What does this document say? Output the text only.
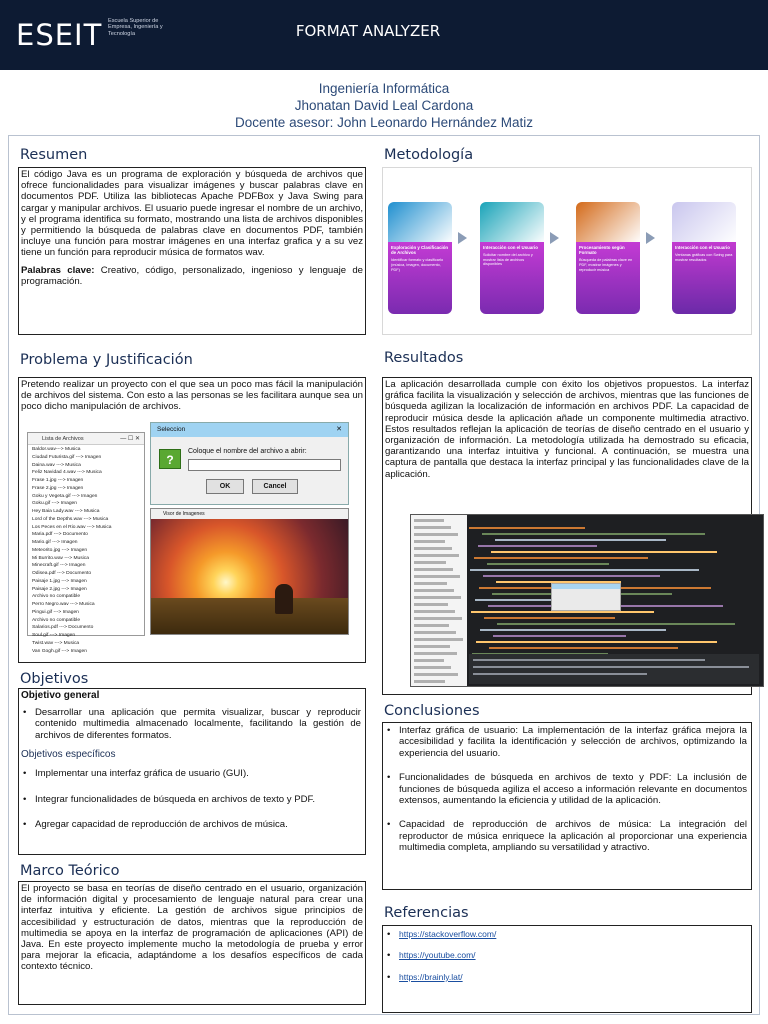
ESEIT Escuela Superior de Empresa, Ingeniería y Tecnología	FORMAT ANALYZER
Ingeniería Informática
Jhonatan David Leal Cardona
Docente asesor: John Leonardo Hernández Matiz
Resumen

El código Java es un programa de exploración y búsqueda de archivos que ofrece funcionalidades para visualizar imágenes y buscar palabras clave en documentos PDF. Utiliza las bibliotecas Apache PDFBox y Java Swing para cargar y manipular archivos. El usuario puede ingresar el nombre de un archivo, y el programa identifica su formato, mostrando una lista de archivos disponibles y permitiendo la búsqueda de palabras clave en documentos PDF, también incluye una función para mostrar imágenes en una interfaz grafica y a su vez tiene un función para reproducir música de formatos wav.

Palabras clave: Creativo, código, personalizado, ingenioso y lenguaje de programación.

Problema y Justificación

Pretendo realizar un proyecto con el que sea un poco mas fácil la manipulación de archivos del sistema. Con esto a las personas se les facilitara aunque sea un poco dicho manipulación de archivos.

Lista de Archivos	— ☐ ✕
Baldor.wav---> Musica
Ciudad Futurista.gif ---> Imagen
Daina.wav ---> Musica
Feliz Navidad 4.wav ---> Musica
Frase 1.jpg ---> Imagen
Frase 2.jpg ---> Imagen
Goku y Vegeta.gif ---> Imagen
Goku.gif ---> Imagen
Hey Baia Lady.wav ---> Musica
Lord of the Depths.wav ---> Musica
Los Peces en el Rio.wav ---> Musica
Maria.pdf ---> Documento
Mario.gif ---> Imagen
Meteorito.jpg ---> Imagen
Mi Burrito.wav ---> Musica
Minecraft.gif ---> Imagen
Odisea.pdf ---> Documento
Paisaje 1.jpg ---> Imagen
Paisaje 2.jpg ---> Imagen
Archivo no compatible
Perro Negro.wav ---> Musica
Pingui.gif ---> Imagen
Archivo no compatible
Salarios.pdf ---> Documento
Soul.gif ---> Imagen
Twist.wav ---> Musica
Van Gogh.gif ---> Imagen
Seleccion	✕
?
Coloque el nombre del archivo a abrir:
OK	Cancel
Visor de Imagenes
Objetivos
Objetivo general
• Desarrollar una aplicación que permita visualizar, buscar y reproducir contenido multimedia almacenado localmente, facilitando la gestión de archivos de diferentes formatos.
Objetivos específicos
• Implementar una interfaz gráfica de usuario (GUI).
• Integrar funcionalidades de búsqueda en archivos de texto y PDF.
• Agregar capacidad de reproducción de archivos de música.
Marco Teórico

El proyecto se basa en teorías de diseño centrado en el usuario, organización de información digital y procesamiento de lenguaje natural para crear una interfaz intuitiva y eficiente. La gestión de archivos sigue principios de accesibilidad y estructuración de datos, mientras que la reproducción de multimedia se apoya en la interfaz de programación de aplicaciones (API) de Java. En este proyecto implemente mucho la metodología de prueba y error para mejorar la eficacia, adaptándome a los desafíos específicos de cada contexto técnico.

Metodología
Exploración y Clasificación de Archivos
Identificar formato y clasificarlo (música, imagen, documento, PDF)
Interacción con el Usuario
Solicitar nombre del archivo y mostrar lista de archivos disponibles
Procesamiento según Formato
Búsqueda de palabras clave en PDF, mostrar imágenes y reproducir música
Interacción con el Usuario
Ventanas gráficas con Swing para mostrar resultados
Resultados

La aplicación desarrollada cumple con éxito los objetivos propuestos. La interfaz gráfica facilita la visualización y selección de archivos, mientras que las funciones de búsqueda agilizan la localización de información en archivos PDF. La capacidad de reproducir música desde la aplicación añade un componente multimedia atractivo. Estos resultados reflejan la aplicación de teorías de diseño centrado en el usuario y organización de información. La metodología utilizada ha demostrado su eficacia, garantizando una interfaz intuitiva y funcional. A continuación, se muestra una captura de pantalla que destaca la interfaz principal y las funcionalidades clave de la aplicación.

Conclusiones
• Interfaz gráfica de usuario: La implementación de la interfaz gráfica mejora la accesibilidad y facilita la identificación y selección de archivos, optimizando la experiencia del usuario.
• Funcionalidades de búsqueda en archivos de texto y PDF: La inclusión de funciones de búsqueda agiliza el acceso a información relevante en documentos extensos, aumentando la eficiencia y utilidad de la aplicación.
• Capacidad de reproducción de archivos de música: La integración del reproductor de música enriquece la aplicación al proporcionar una experiencia multimedia completa, ampliando su versatilidad y atractivo.
Referencias
• https://stackoverflow.com/
• https://youtube.com/
• https://brainly.lat/
